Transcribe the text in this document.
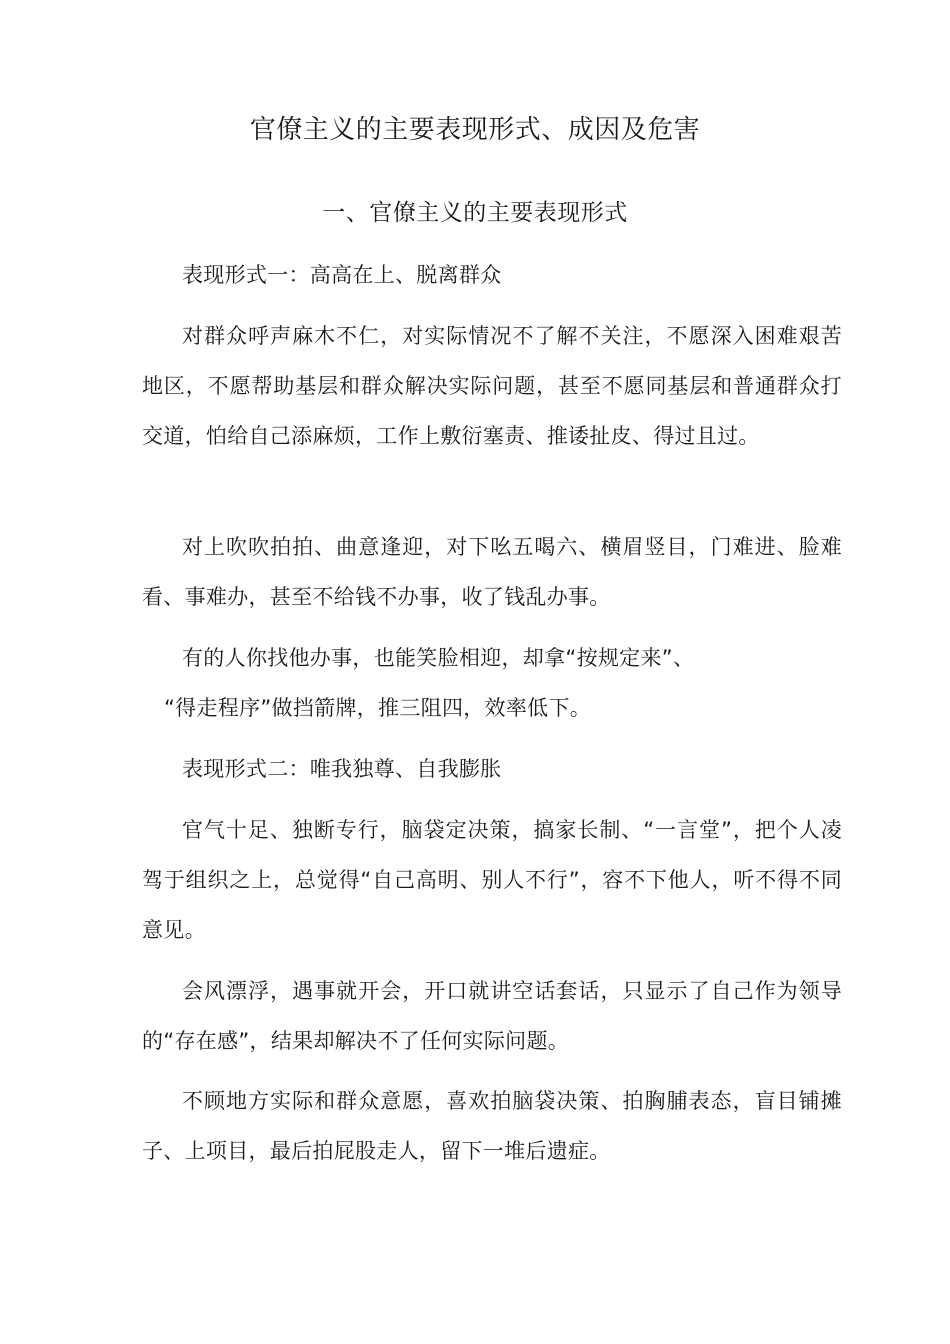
官僚主义的主要表现形式、成因及危害
一、官僚主义的主要表现形式

表现形式一：高高在上、脱离群众

对群众呼声麻木不仁，对实际情况不了解不关注，不愿深入困难艰苦地区，不愿帮助基层和群众解决实际问题，甚至不愿同基层和普通群众打交道，怕给自己添麻烦，工作上敷衍塞责、推诿扯皮、得过且过。

对上吹吹拍拍、曲意逢迎，对下吆五喝六、横眉竖目，门难进、脸难看、事难办，甚至不给钱不办事，收了钱乱办事。

有的人你找他办事，也能笑脸相迎，却拿“按规定来”、
“得走程序”做挡箭牌，推三阻四，效率低下。

表现形式二：唯我独尊、自我膨胀

官气十足、独断专行，脑袋定决策，搞家长制、“一言堂”，把个人凌驾于组织之上，总觉得“自己高明、别人不行”，容不下他人，听不得不同意见。

会风漂浮，遇事就开会，开口就讲空话套话，只显示了自己作为领导的“存在感”，结果却解决不了任何实际问题。

不顾地方实际和群众意愿，喜欢拍脑袋决策、拍胸脯表态，盲目铺摊子、上项目，最后拍屁股走人，留下一堆后遗症。
